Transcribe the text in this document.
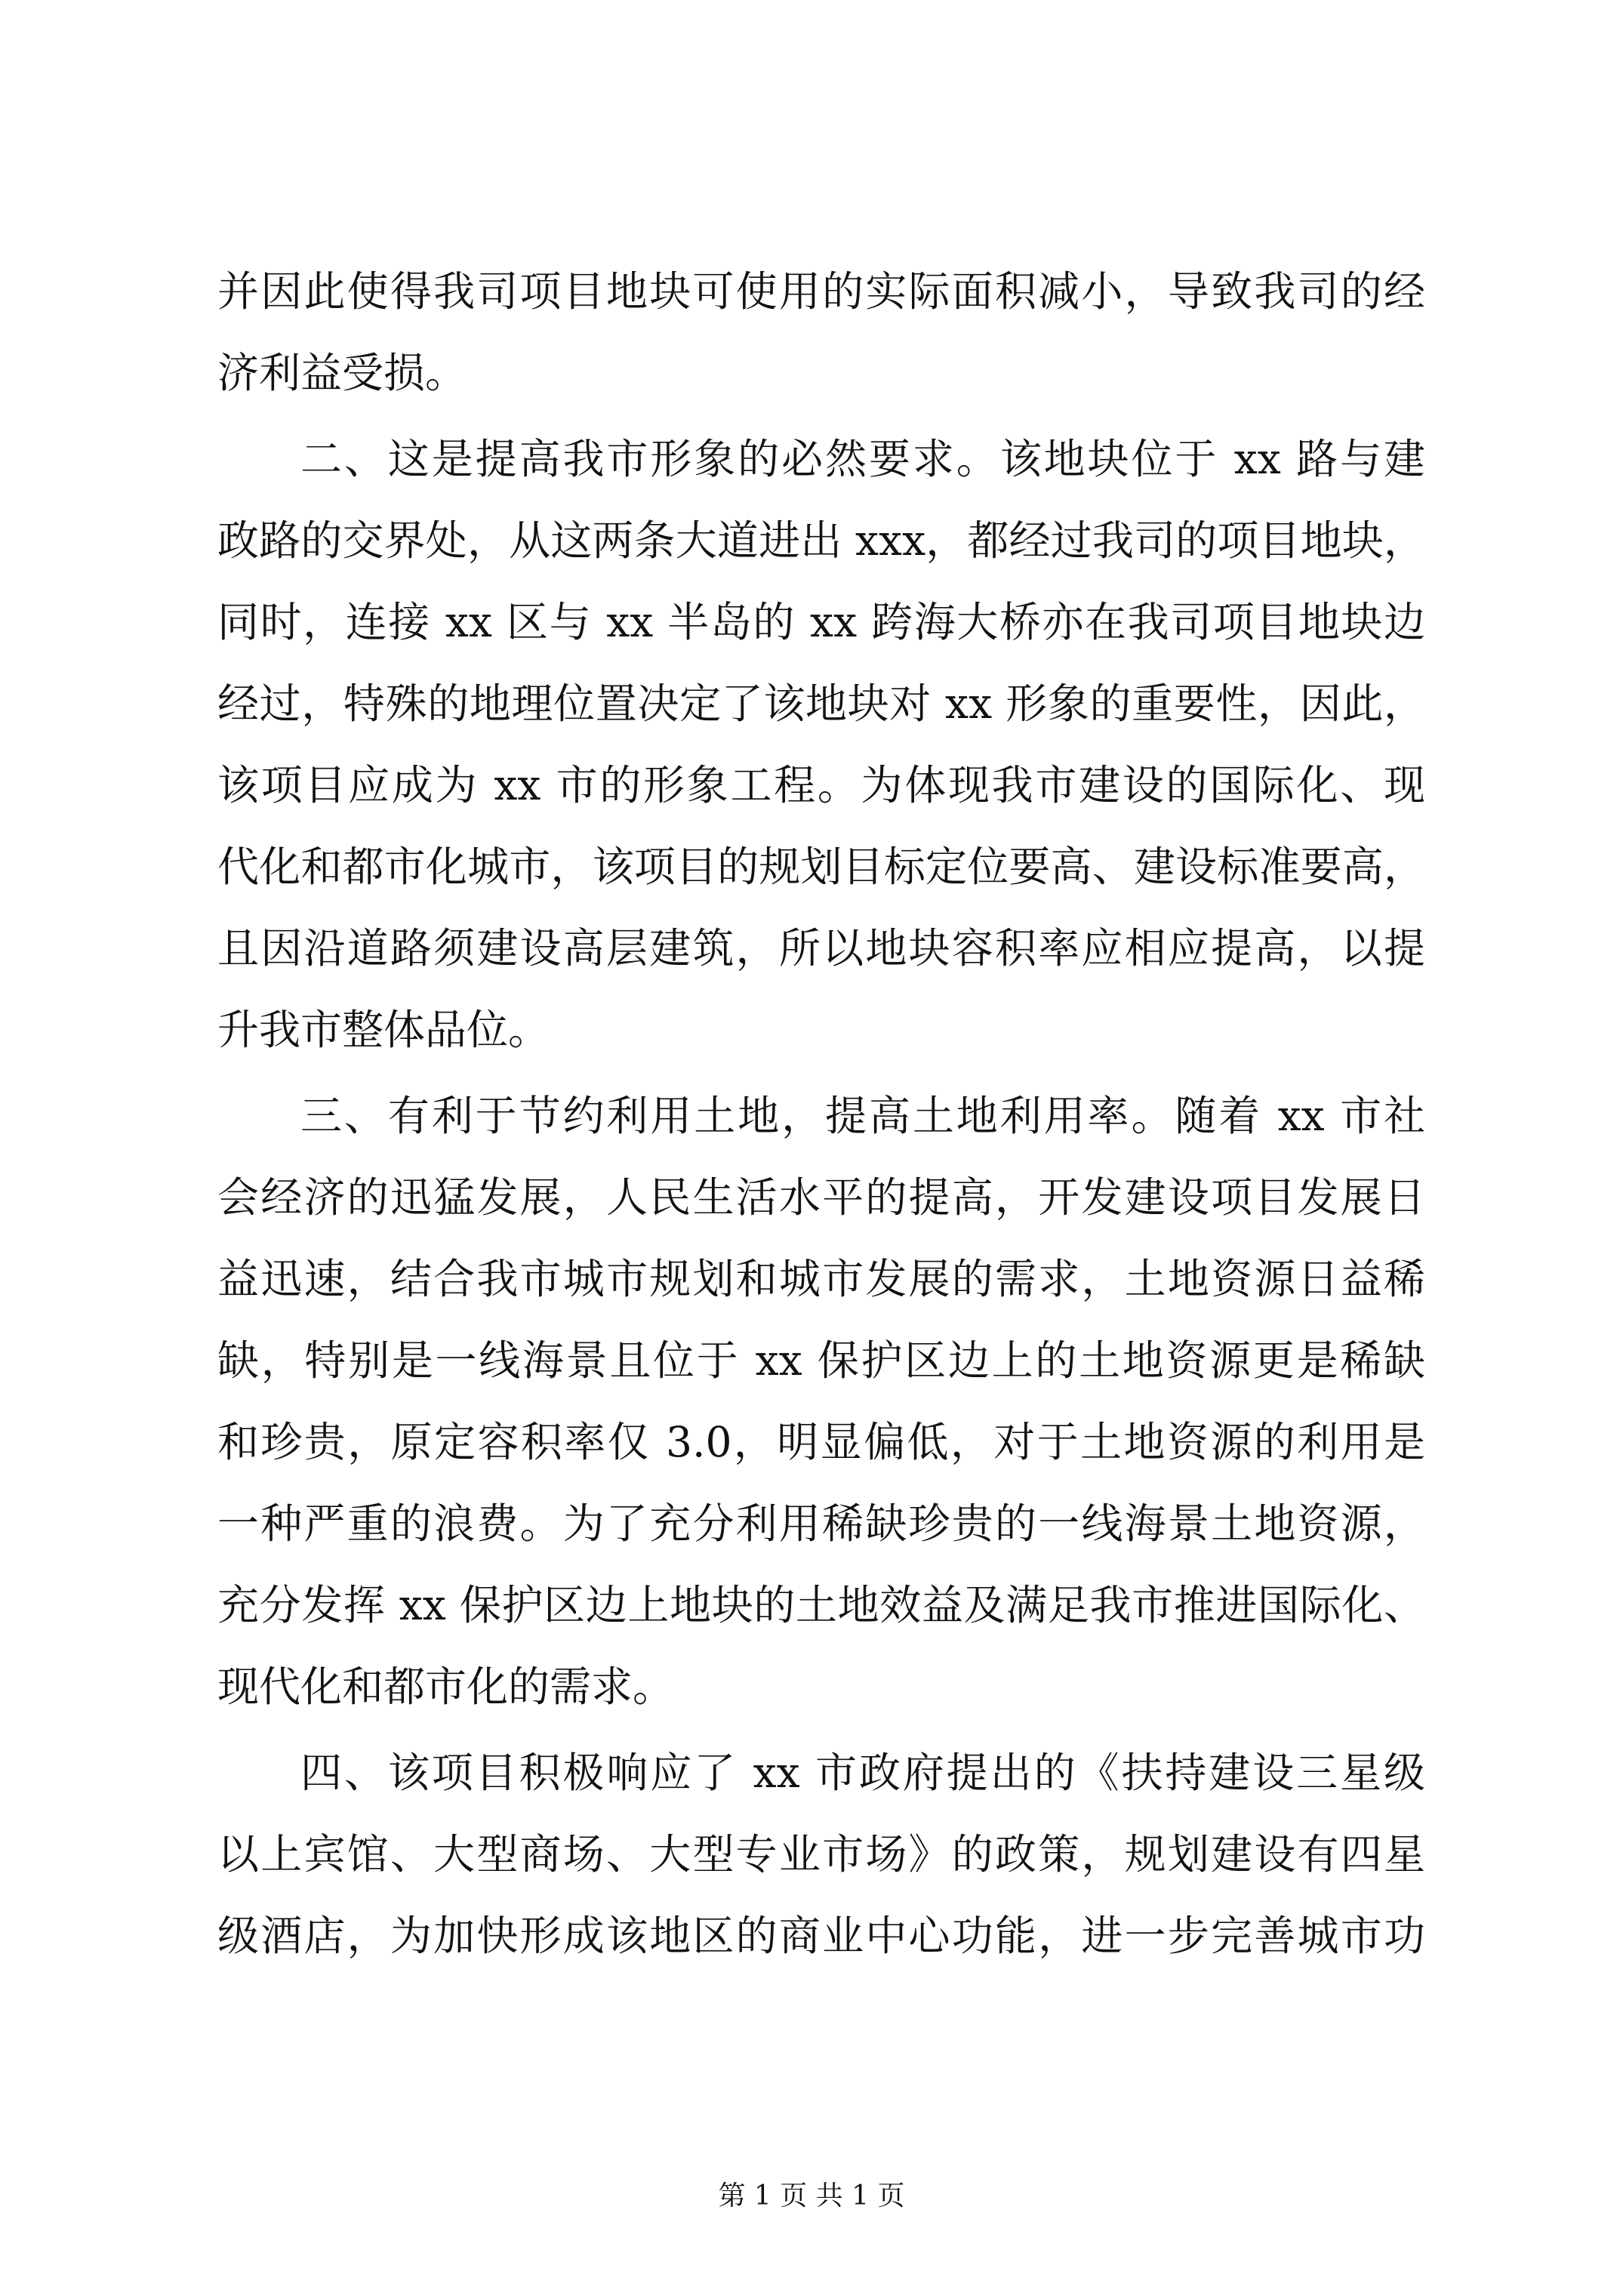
并因此使得我司项目地块可使用的实际面积减小，导致我司的经
济利益受损。
二、这是提高我市形象的必然要求。该地块位于 xx 路与建
政路的交界处，从这两条大道进出 xxx，都经过我司的项目地块，
同时，连接 xx 区与 xx 半岛的 xx 跨海大桥亦在我司项目地块边
经过，特殊的地理位置决定了该地块对 xx 形象的重要性，因此，
该项目应成为 xx 市的形象工程。为体现我市建设的国际化、现
代化和都市化城市，该项目的规划目标定位要高、建设标准要高，
且因沿道路须建设高层建筑，所以地块容积率应相应提高，以提
升我市整体品位。
三、有利于节约利用土地，提高土地利用率。随着 xx 市社
会经济的迅猛发展，人民生活水平的提高，开发建设项目发展日
益迅速，结合我市城市规划和城市发展的需求，土地资源日益稀
缺，特别是一线海景且位于 xx 保护区边上的土地资源更是稀缺
和珍贵，原定容积率仅 3.0，明显偏低，对于土地资源的利用是
一种严重的浪费。为了充分利用稀缺珍贵的一线海景土地资源，
充分发挥 xx 保护区边上地块的土地效益及满足我市推进国际化、
现代化和都市化的需求。
四、该项目积极响应了 xx 市政府提出的《扶持建设三星级
以上宾馆、大型商场、大型专业市场》的政策，规划建设有四星
级酒店，为加快形成该地区的商业中心功能，进一步完善城市功
第 1 页 共 1 页
